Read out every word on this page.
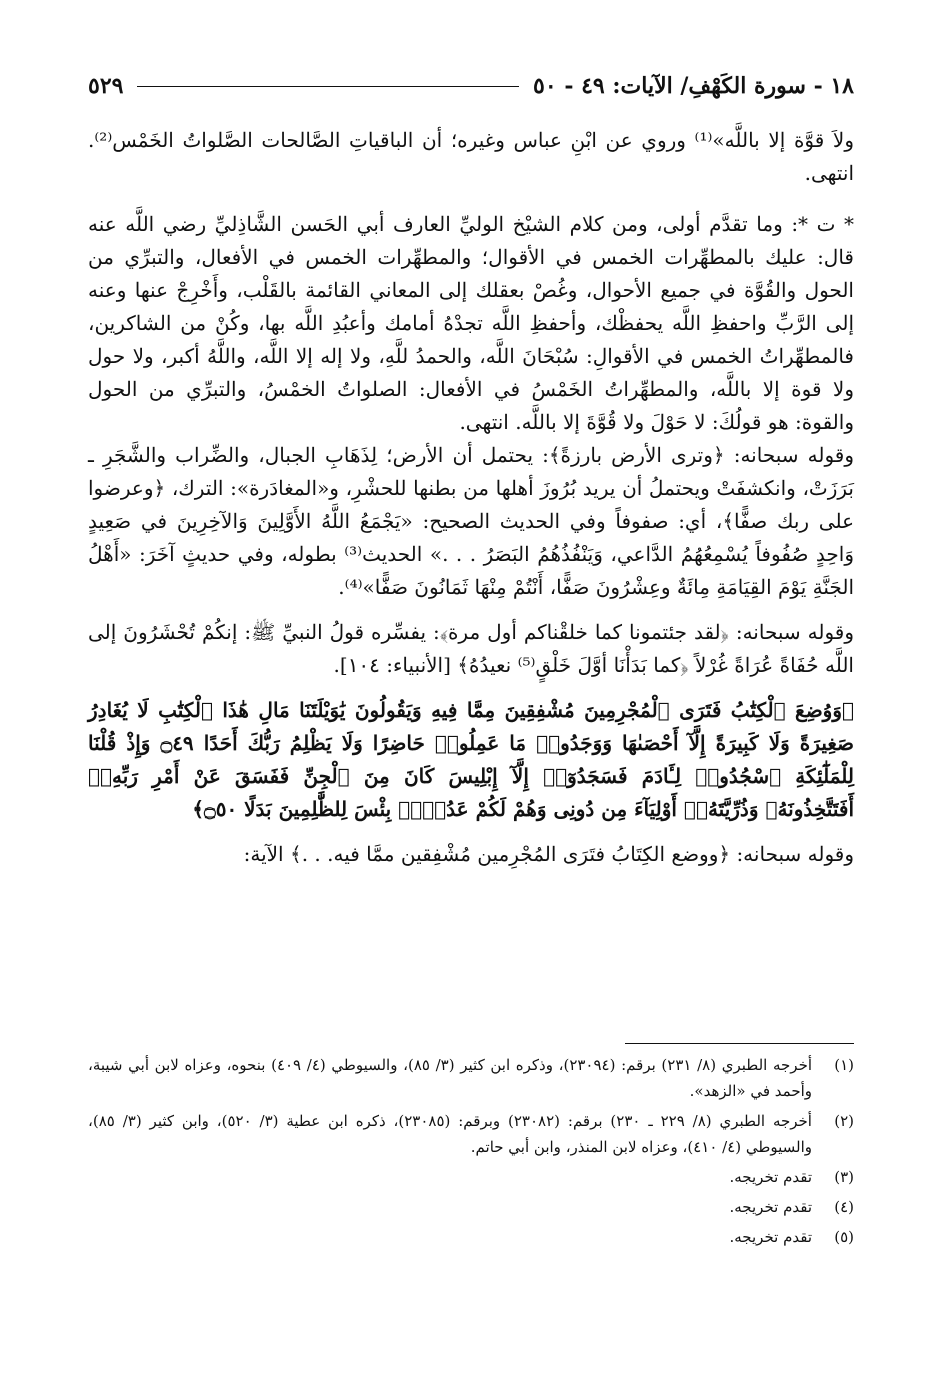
٥٢٩	١٨ - سورة الكَهْفِ/ الآيات: ٤٩ - ٥٠

ولاَ قوَّة إلا باللَّه»⁽¹⁾ وروي عن ابْنِ عباس وغيره؛ أن الباقياتِ الصَّالحات الصَّلواتُ الخَمْس⁽²⁾. انتهى.

* ت *: وما تقدَّم أولى، ومن كلام الشيْخ الوليِّ العارف أبي الحَسن الشَّاذِليِّ رضي اللَّه عنه قال: عليك بالمطهِّرات الخمس في الأقوال؛ والمطهِّرات الخمس في الأفعال، والتبرِّي من الحول والقُوَّة في جميع الأحوال، وغُصْ بعقلك إلى المعاني القائمة بالقَلْب، وأَخْرِجْ عنها وعنه إلى الرَّبِّ واحفظِ اللَّه يحفظْك، وأحفظِ اللَّه تجدْهُ أمامك وأعبُدِ اللَّه بها، وكُنْ من الشاكرين، فالمطهِّراتُ الخمس في الأقوالِ: سُبْحَانَ اللَّه، والحمدُ للَّهِ، ولا إله إلا اللَّه، واللَّهُ أكبر، ولا حول ولا قوة إلا باللَّه، والمطهِّراتُ الخَمْسُ في الأفعال: الصلواتُ الخمْسُ، والتبرِّي من الحول والقوة: هو قولُكَ: لا حَوْلَ ولا قُوَّةَ إلا باللَّه. انتهى.

وقوله سبحانه: ﴿وترى الأرض بارزةً﴾: يحتمل أن الأرض؛ لِذَهَابِ الجبال، والضِّراب والشَّجَرِ ـ بَرَزَتْ، وانكشفَتْ ويحتملُ أن يريد بُرُوزَ أهلها من بطنها للحشْرِ، و«المغادَرة»: الترك، ﴿وعرضوا على ربك صفًّا﴾، أي: صفوفاً وفي الحديث الصحيح: «يَجْمَعُ اللَّهُ الأَوَّلِينَ وَالآخِرِينَ في صَعِيدٍ وَاحِدٍ صُفُوفاً يُسْمِعُهُمُ الدَّاعي، وَيَنْفُذُهُمُ البَصَرُ . . .» الحديث⁽³⁾ بطوله، وفي حديثٍ آخَرَ: «أَهْلُ الجَنَّةِ يَوْمَ القِيَامَةِ مِائَةٌ وعِشْرُونَ صَفًّا، أَنْتُمْ مِنْهَا ثَمَانُونَ صَفًّا»⁽⁴⁾.

وقوله سبحانه: ﴿لقد جئتمونا كما خلقْناكم أول مرة﴾: يفسِّره قولُ النبيِّ ﷺ: إنكُمْ تُحْشَرُونَ إلى اللَّه حُفَاةً عُرَاةً غُرْلاً ﴿كما بَدَأْنَا أوَّلَ خَلْقٍ⁽⁵⁾ نعيدُهُ﴾ [الأنبياء: ١٠٤].

﴿وَوُضِعَ ٱلْكِتَٰبُ فَتَرَى ٱلْمُجْرِمِينَ مُشْفِقِينَ مِمَّا فِيهِ وَيَقُولُونَ يَٰوَيْلَتَنَا مَالِ هَٰذَا ٱلْكِتَٰبِ لَا يُغَادِرُ صَغِيرَةً وَلَا كَبِيرَةً إِلَّآ أَحْصَىٰهَا وَوَجَدُوا۟ مَا عَمِلُوا۟ حَاضِرًا وَلَا يَظْلِمُ رَبُّكَ أَحَدًا ۝٤٩ وَإِذْ قُلْنَا لِلْمَلَٰٓئِكَةِ ٱسْجُدُوا۟ لِـَٔادَمَ فَسَجَدُوٓا۟ إِلَّآ إِبْلِيسَ كَانَ مِنَ ٱلْجِنِّ فَفَسَقَ عَنْ أَمْرِ رَبِّهِۦٓ أَفَتَتَّخِذُونَهُۥ وَذُرِّيَّتَهُۥٓ أَوْلِيَآءَ مِن دُونِى وَهُمْ لَكُمْ عَدُوٌّۢ بِئْسَ لِلظَّٰلِمِينَ بَدَلًا ۝٥٠﴾

وقوله سبحانه: ﴿ووضع الكِتَابُ فتَرَى المُجْرِمين مُشْفِقين ممَّا فيه. . .﴾ الآية:

(١)
أخرجه الطبري (٨/ ٢٣١) برقم: (٢٣٠٩٤)، وذكره ابن كثير (٣/ ٨٥)، والسيوطي (٤/ ٤٠٩) بنحوه، وعزاه لابن أبي شيبة، وأحمد في «الزهد».
(٢)
أخرجه الطبري (٨/ ٢٢٩ ـ ٢٣٠) برقم: (٢٣٠٨٢) وبرقم: (٢٣٠٨٥)، ذكره ابن عطية (٣/ ٥٢٠)، وابن كثير (٣/ ٨٥)، والسيوطي (٤/ ٤١٠)، وعزاه لابن المنذر، وابن أبي حاتم.
(٣)
تقدم تخريجه.
(٤)
تقدم تخريجه.
(٥)
تقدم تخريجه.
